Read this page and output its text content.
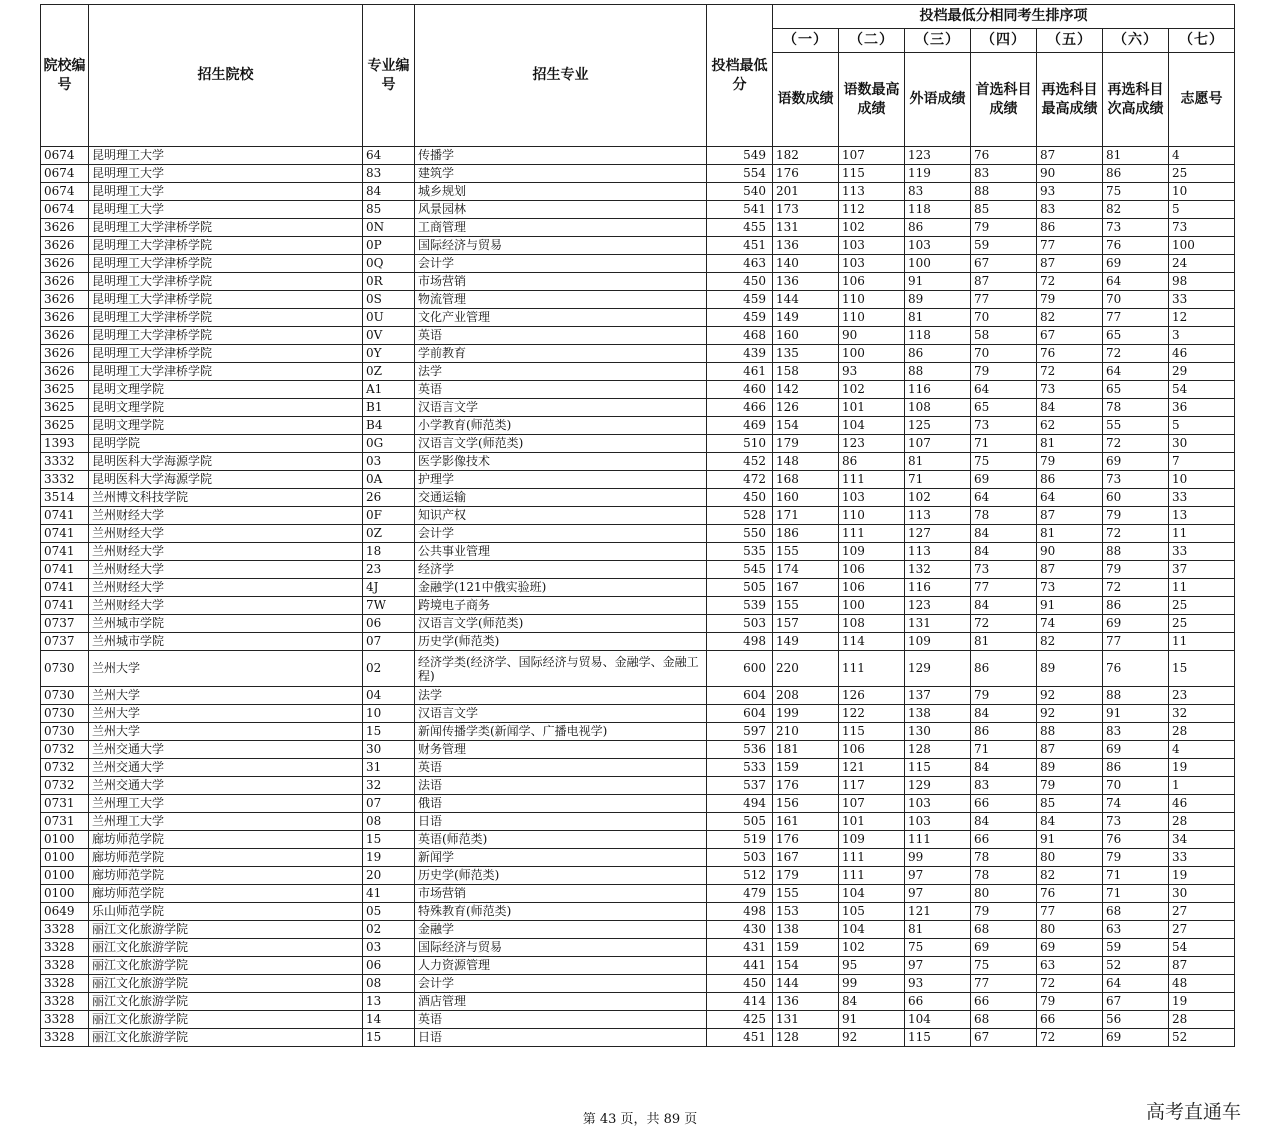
院校编号	招生院校	专业编号	招生专业	投档最低分	投档最低分相同考生排序项						
					（一）	（二）	（三）	（四）	（五）	（六）	（七）
					语数成绩	语数最高成绩	外语成绩	首选科目成绩	再选科目最高成绩	再选科目次高成绩	志愿号
0674	昆明理工大学	64	传播学	549	182	107	123	76	87	81	4
0674	昆明理工大学	83	建筑学	554	176	115	119	83	90	86	25
0674	昆明理工大学	84	城乡规划	540	201	113	83	88	93	75	10
0674	昆明理工大学	85	风景园林	541	173	112	118	85	83	82	5
3626	昆明理工大学津桥学院	0N	工商管理	455	131	102	86	79	86	73	73
3626	昆明理工大学津桥学院	0P	国际经济与贸易	451	136	103	103	59	77	76	100
3626	昆明理工大学津桥学院	0Q	会计学	463	140	103	100	67	87	69	24
3626	昆明理工大学津桥学院	0R	市场营销	450	136	106	91	87	72	64	98
3626	昆明理工大学津桥学院	0S	物流管理	459	144	110	89	77	79	70	33
3626	昆明理工大学津桥学院	0U	文化产业管理	459	149	110	81	70	82	77	12
3626	昆明理工大学津桥学院	0V	英语	468	160	90	118	58	67	65	3
3626	昆明理工大学津桥学院	0Y	学前教育	439	135	100	86	70	76	72	46
3626	昆明理工大学津桥学院	0Z	法学	461	158	93	88	79	72	64	29
3625	昆明文理学院	A1	英语	460	142	102	116	64	73	65	54
3625	昆明文理学院	B1	汉语言文学	466	126	101	108	65	84	78	36
3625	昆明文理学院	B4	小学教育(师范类)	469	154	104	125	73	62	55	5
1393	昆明学院	0G	汉语言文学(师范类)	510	179	123	107	71	81	72	30
3332	昆明医科大学海源学院	03	医学影像技术	452	148	86	81	75	79	69	7
3332	昆明医科大学海源学院	0A	护理学	472	168	111	71	69	86	73	10
3514	兰州博文科技学院	26	交通运输	450	160	103	102	64	64	60	33
0741	兰州财经大学	0F	知识产权	528	171	110	113	78	87	79	13
0741	兰州财经大学	0Z	会计学	550	186	111	127	84	81	72	11
0741	兰州财经大学	18	公共事业管理	535	155	109	113	84	90	88	33
0741	兰州财经大学	23	经济学	545	174	106	132	73	87	79	37
0741	兰州财经大学	4J	金融学(121中俄实验班)	505	167	106	116	77	73	72	11
0741	兰州财经大学	7W	跨境电子商务	539	155	100	123	84	91	86	25
0737	兰州城市学院	06	汉语言文学(师范类)	503	157	108	131	72	74	69	25
0737	兰州城市学院	07	历史学(师范类)	498	149	114	109	81	82	77	11
0730	兰州大学	02	经济学类(经济学、国际经济与贸易、金融学、金融工程)	600	220	111	129	86	89	76	15
0730	兰州大学	04	法学	604	208	126	137	79	92	88	23
0730	兰州大学	10	汉语言文学	604	199	122	138	84	92	91	32
0730	兰州大学	15	新闻传播学类(新闻学、广播电视学)	597	210	115	130	86	88	83	28
0732	兰州交通大学	30	财务管理	536	181	106	128	71	87	69	4
0732	兰州交通大学	31	英语	533	159	121	115	84	89	86	19
0732	兰州交通大学	32	法语	537	176	117	129	83	79	70	1
0731	兰州理工大学	07	俄语	494	156	107	103	66	85	74	46
0731	兰州理工大学	08	日语	505	161	101	103	84	84	73	28
0100	廊坊师范学院	15	英语(师范类)	519	176	109	111	66	91	76	34
0100	廊坊师范学院	19	新闻学	503	167	111	99	78	80	79	33
0100	廊坊师范学院	20	历史学(师范类)	512	179	111	97	78	82	71	19
0100	廊坊师范学院	41	市场营销	479	155	104	97	80	76	71	30
0649	乐山师范学院	05	特殊教育(师范类)	498	153	105	121	79	77	68	27
3328	丽江文化旅游学院	02	金融学	430	138	104	81	68	80	63	27
3328	丽江文化旅游学院	03	国际经济与贸易	431	159	102	75	69	69	59	54
3328	丽江文化旅游学院	06	人力资源管理	441	154	95	97	75	63	52	87
3328	丽江文化旅游学院	08	会计学	450	144	99	93	77	72	64	48
3328	丽江文化旅游学院	13	酒店管理	414	136	84	66	66	79	67	19
3328	丽江文化旅游学院	14	英语	425	131	91	104	68	66	56	28
3328	丽江文化旅游学院	15	日语	451	128	92	115	67	72	69	52
第 43 页，共 89 页	高考直通车
